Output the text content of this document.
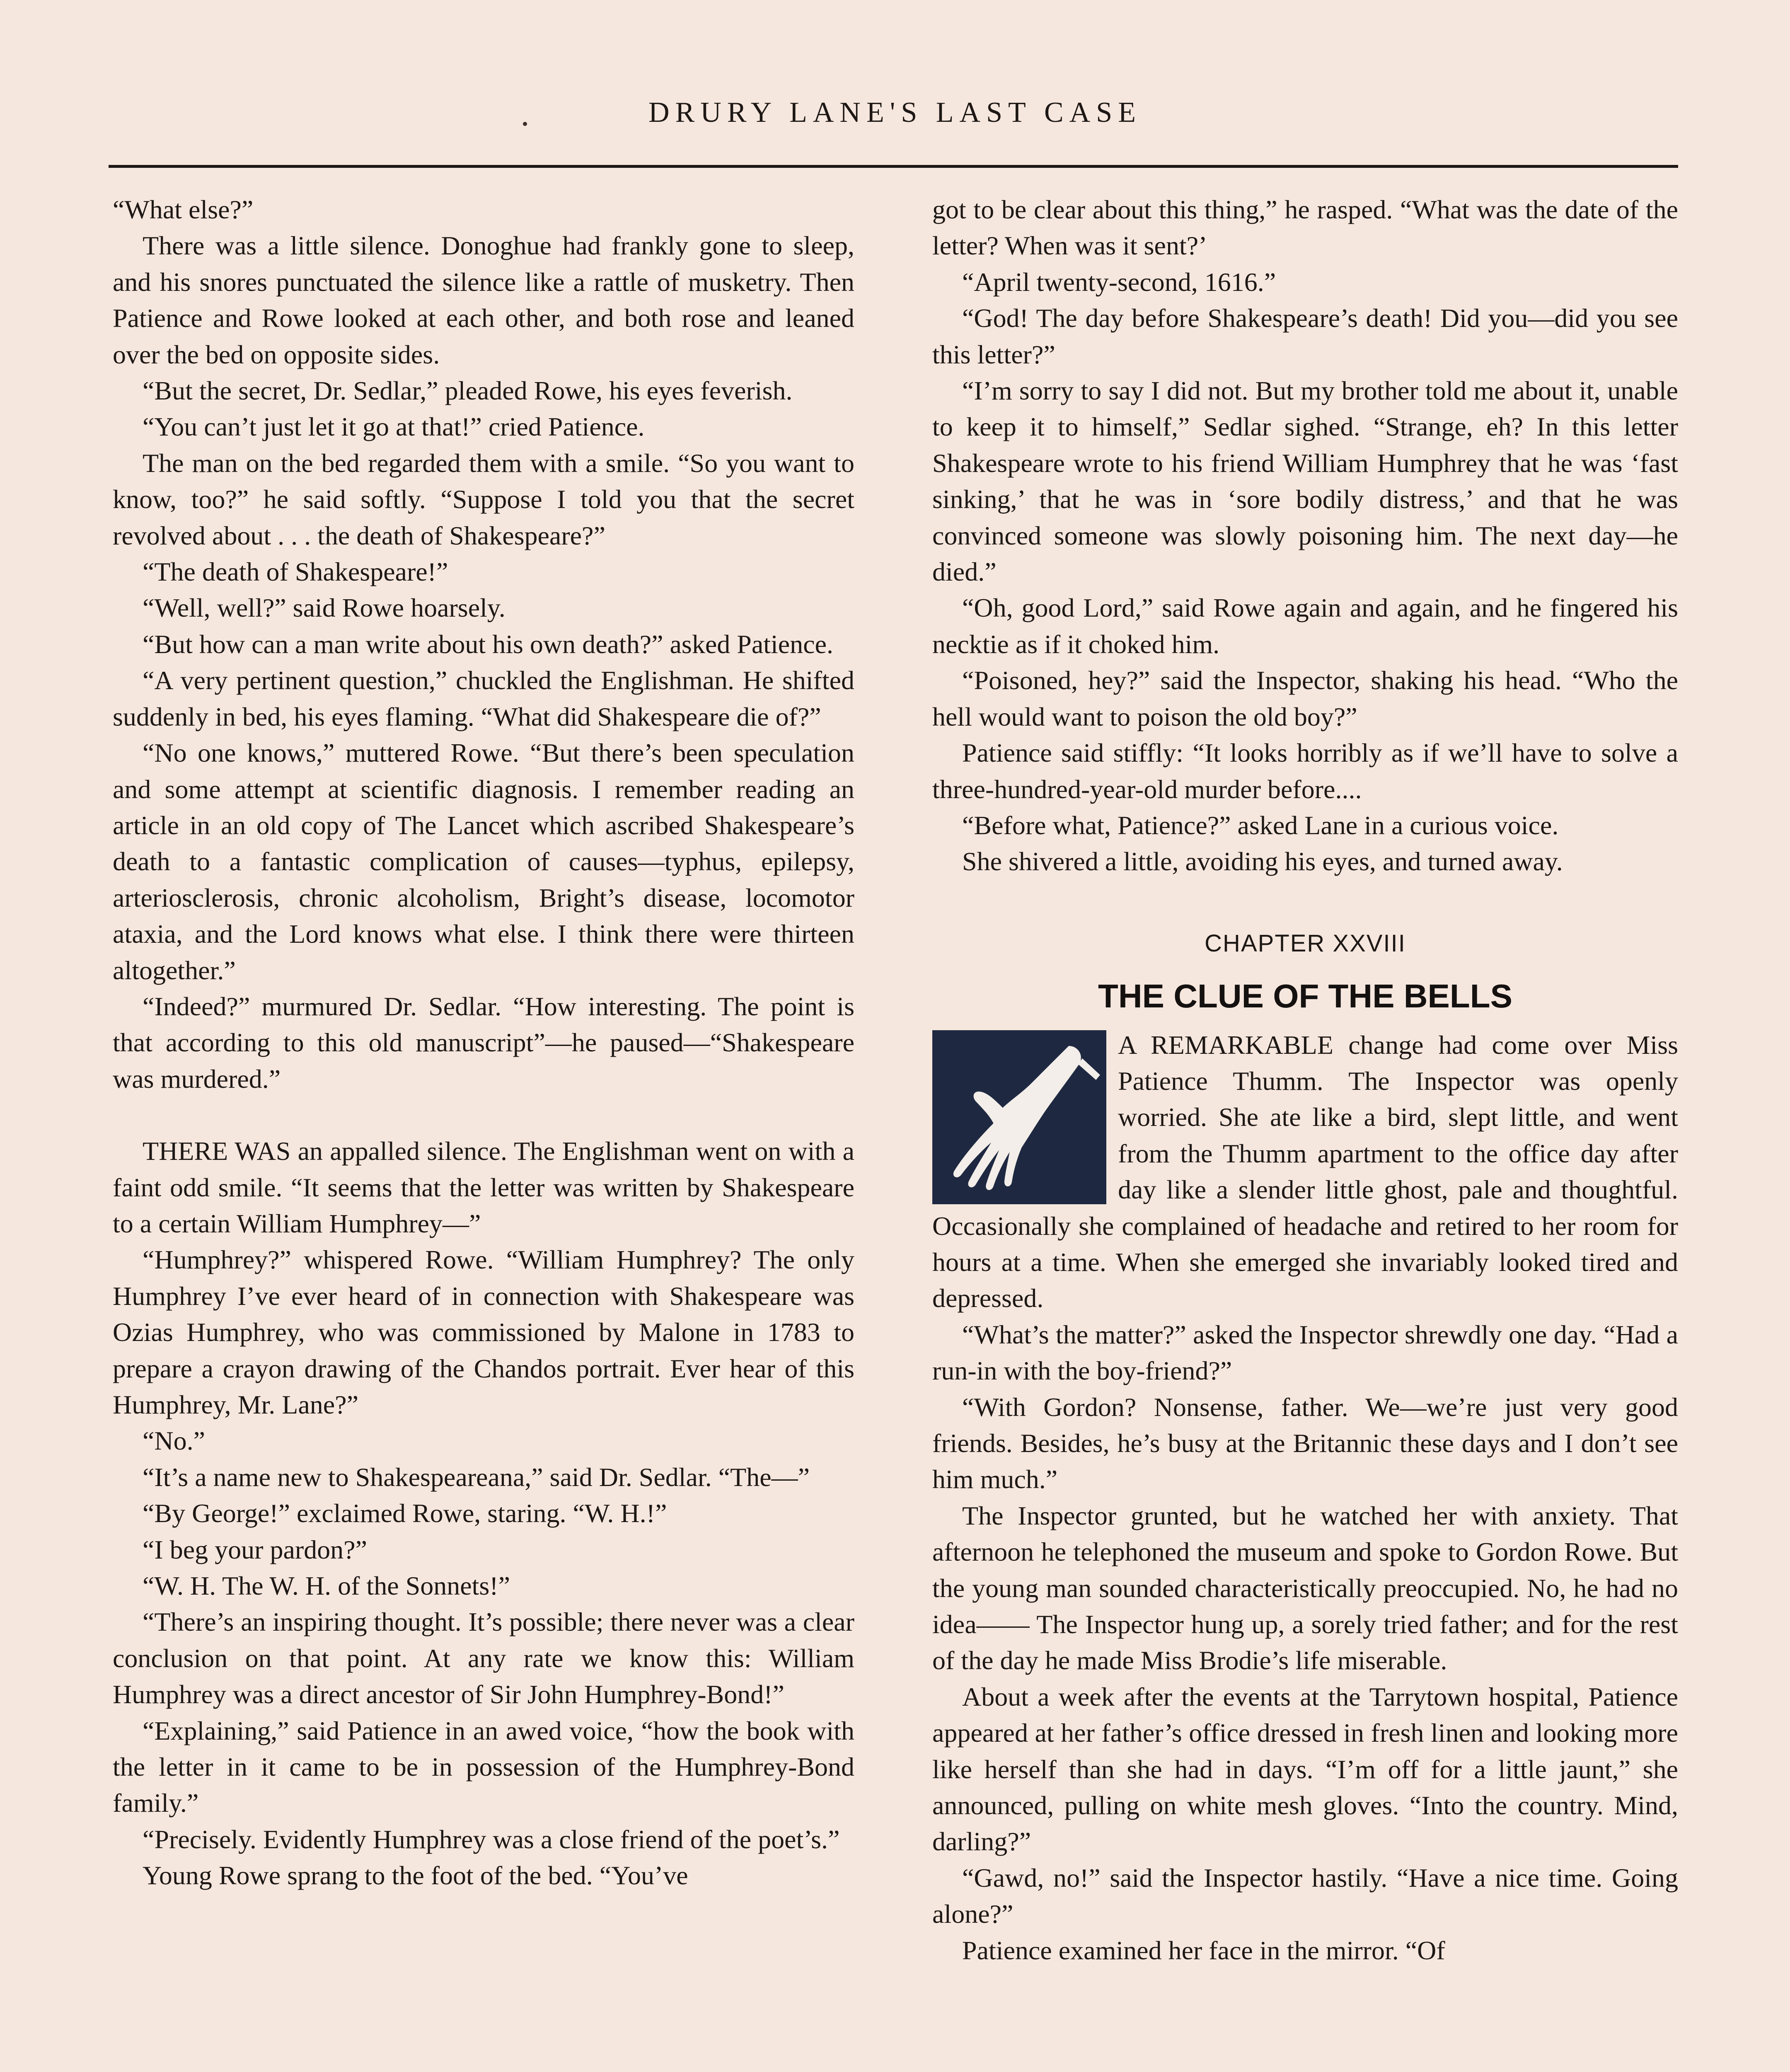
DRURY LANE'S LAST CASE

“What else?”

There was a little silence. Donoghue had frankly gone to sleep, and his snores punctuated the silence like a rattle of musketry. Then Patience and Rowe looked at each other, and both rose and leaned over the bed on opposite sides.

“But the secret, Dr. Sedlar,” pleaded Rowe, his eyes feverish.

“You can’t just let it go at that!” cried Patience.

The man on the bed regarded them with a smile. “So you want to know, too?” he said softly. “Suppose I told you that the secret revolved about . . . the death of Shakespeare?”

“The death of Shakespeare!”

“Well, well?” said Rowe hoarsely.

“But how can a man write about his own death?” asked Patience.

“A very pertinent question,” chuckled the Englishman. He shifted suddenly in bed, his eyes flaming. “What did Shakespeare die of?”

“No one knows,” muttered Rowe. “But there’s been speculation and some attempt at scientific diagnosis. I remember reading an article in an old copy of The Lancet which ascribed Shakespeare’s death to a fantastic complication of causes—typhus, epilepsy, arteriosclerosis, chronic alcoholism, Bright’s disease, locomotor ataxia, and the Lord knows what else. I think there were thirteen altogether.”

“Indeed?” murmured Dr. Sedlar. “How interesting. The point is that according to this old manuscript”—he paused—“Shakespeare was murdered.”

THERE WAS an appalled silence. The Englishman went on with a faint odd smile. “It seems that the letter was written by Shakespeare to a certain William Humphrey—”

“Humphrey?” whispered Rowe. “William Humphrey? The only Humphrey I’ve ever heard of in connection with Shakespeare was Ozias Humphrey, who was commissioned by Malone in 1783 to prepare a crayon drawing of the Chandos portrait. Ever hear of this Humphrey, Mr. Lane?”

“No.”

“It’s a name new to Shakespeareana,” said Dr. Sedlar. “The—”

“By George!” exclaimed Rowe, staring. “W. H.!”

“I beg your pardon?”

“W. H. The W. H. of the Sonnets!”

“There’s an inspiring thought. It’s possible; there never was a clear conclusion on that point. At any rate we know this: William Humphrey was a direct ancestor of Sir John Humphrey-Bond!”

“Explaining,” said Patience in an awed voice, “how the book with the letter in it came to be in possession of the Humphrey-Bond family.”

“Precisely. Evidently Humphrey was a close friend of the poet’s.”

Young Rowe sprang to the foot of the bed. “You’ve

got to be clear about this thing,” he rasped. “What was the date of the letter? When was it sent?’

“April twenty-second, 1616.”

“God! The day before Shakespeare’s death! Did you—did you see this letter?”

“I’m sorry to say I did not. But my brother told me about it, unable to keep it to himself,” Sedlar sighed. “Strange, eh? In this letter Shakespeare wrote to his friend William Humphrey that he was ‘fast sinking,’ that he was in ‘sore bodily distress,’ and that he was convinced someone was slowly poisoning him. The next day—he died.”

“Oh, good Lord,” said Rowe again and again, and he fingered his necktie as if it choked him.

“Poisoned, hey?” said the Inspector, shaking his head. “Who the hell would want to poison the old boy?”

Patience said stiffly: “It looks horribly as if we’ll have to solve a three-hundred-year-old murder before....

“Before what, Patience?” asked Lane in a curious voice.

She shivered a little, avoiding his eyes, and turned away.

CHAPTER XXVIII
THE CLUE OF THE BELLS

A REMARKABLE change had come over Miss Patience Thumm. The Inspector was openly worried. She ate like a bird, slept little, and went from the Thumm apartment to the office day after day like a slender little ghost, pale and thoughtful. Occasionally she complained of headache and retired to her room for hours at a time. When she emerged she invariably looked tired and depressed.

“What’s the matter?” asked the Inspector shrewdly one day. “Had a run-in with the boy-friend?”

“With Gordon? Nonsense, father. We—we’re just very good friends. Besides, he’s busy at the Britannic these days and I don’t see him much.”

The Inspector grunted, but he watched her with anxiety. That afternoon he telephoned the museum and spoke to Gordon Rowe. But the young man sounded characteristically preoccupied. No, he had no idea—— The Inspector hung up, a sorely tried father; and for the rest of the day he made Miss Brodie’s life miserable.

About a week after the events at the Tarrytown hospital, Patience appeared at her father’s office dressed in fresh linen and looking more like herself than she had in days. “I’m off for a little jaunt,” she announced, pulling on white mesh gloves. “Into the country. Mind, darling?”

“Gawd, no!” said the Inspector hastily. “Have a nice time. Going alone?”

Patience examined her face in the mirror. “Of
